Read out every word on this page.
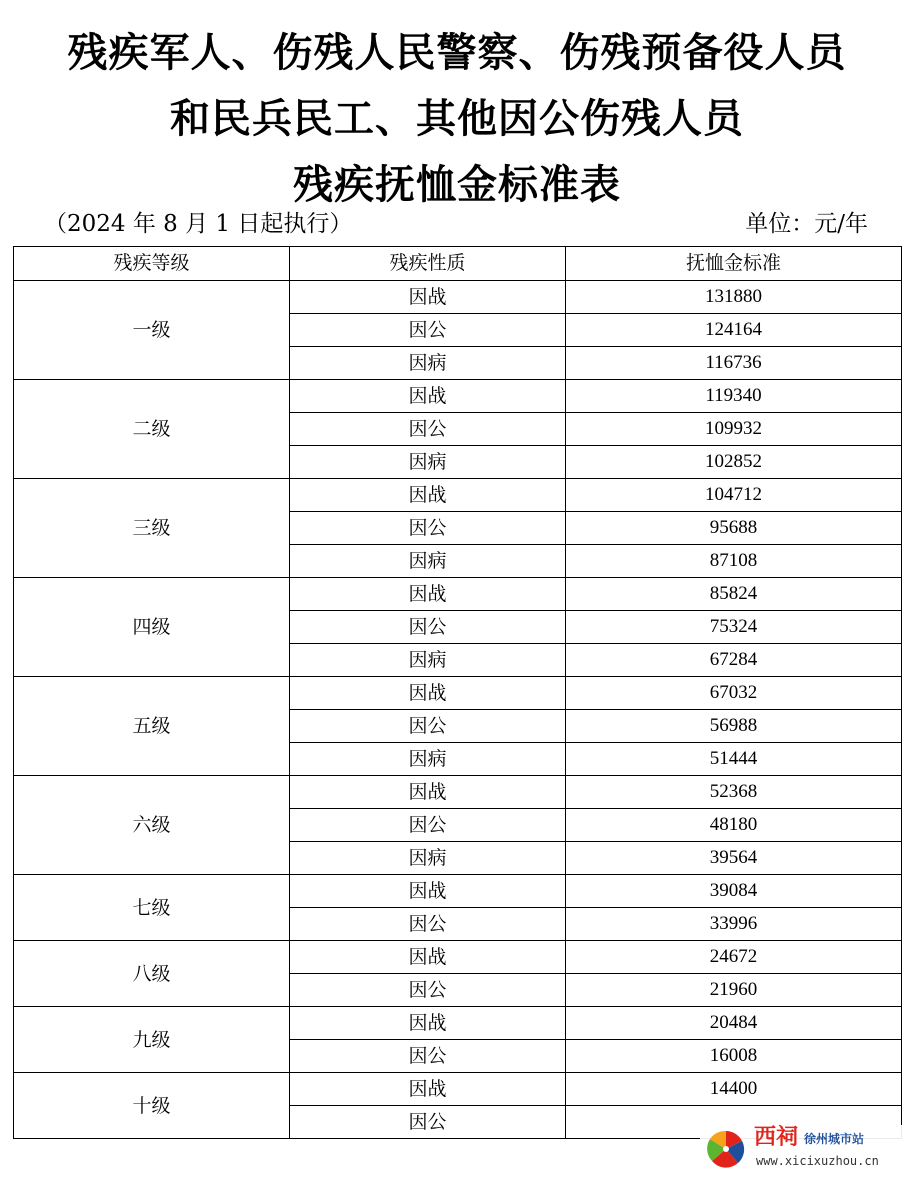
残疾军人、伤残人民警察、伤残预备役人员
和民兵民工、其他因公伤残人员
残疾抚恤金标准表
（2024 年 8 月 1 日起执行）	单位：元/年
残疾等级	残疾性质	抚恤金标准
一级	因战	131880
	因公	124164
	因病	116736
二级	因战	119340
	因公	109932
	因病	102852
三级	因战	104712
	因公	95688
	因病	87108
四级	因战	85824
	因公	75324
	因病	67284
五级	因战	67032
	因公	56988
	因病	51444
六级	因战	52368
	因公	48180
	因病	39564
七级	因战	39084
	因公	33996
八级	因战	24672
	因公	21960
九级	因战	20484
	因公	16008
十级	因战	14400
	因公	
西祠 徐州城市站
www.xicixuzhou.cn
